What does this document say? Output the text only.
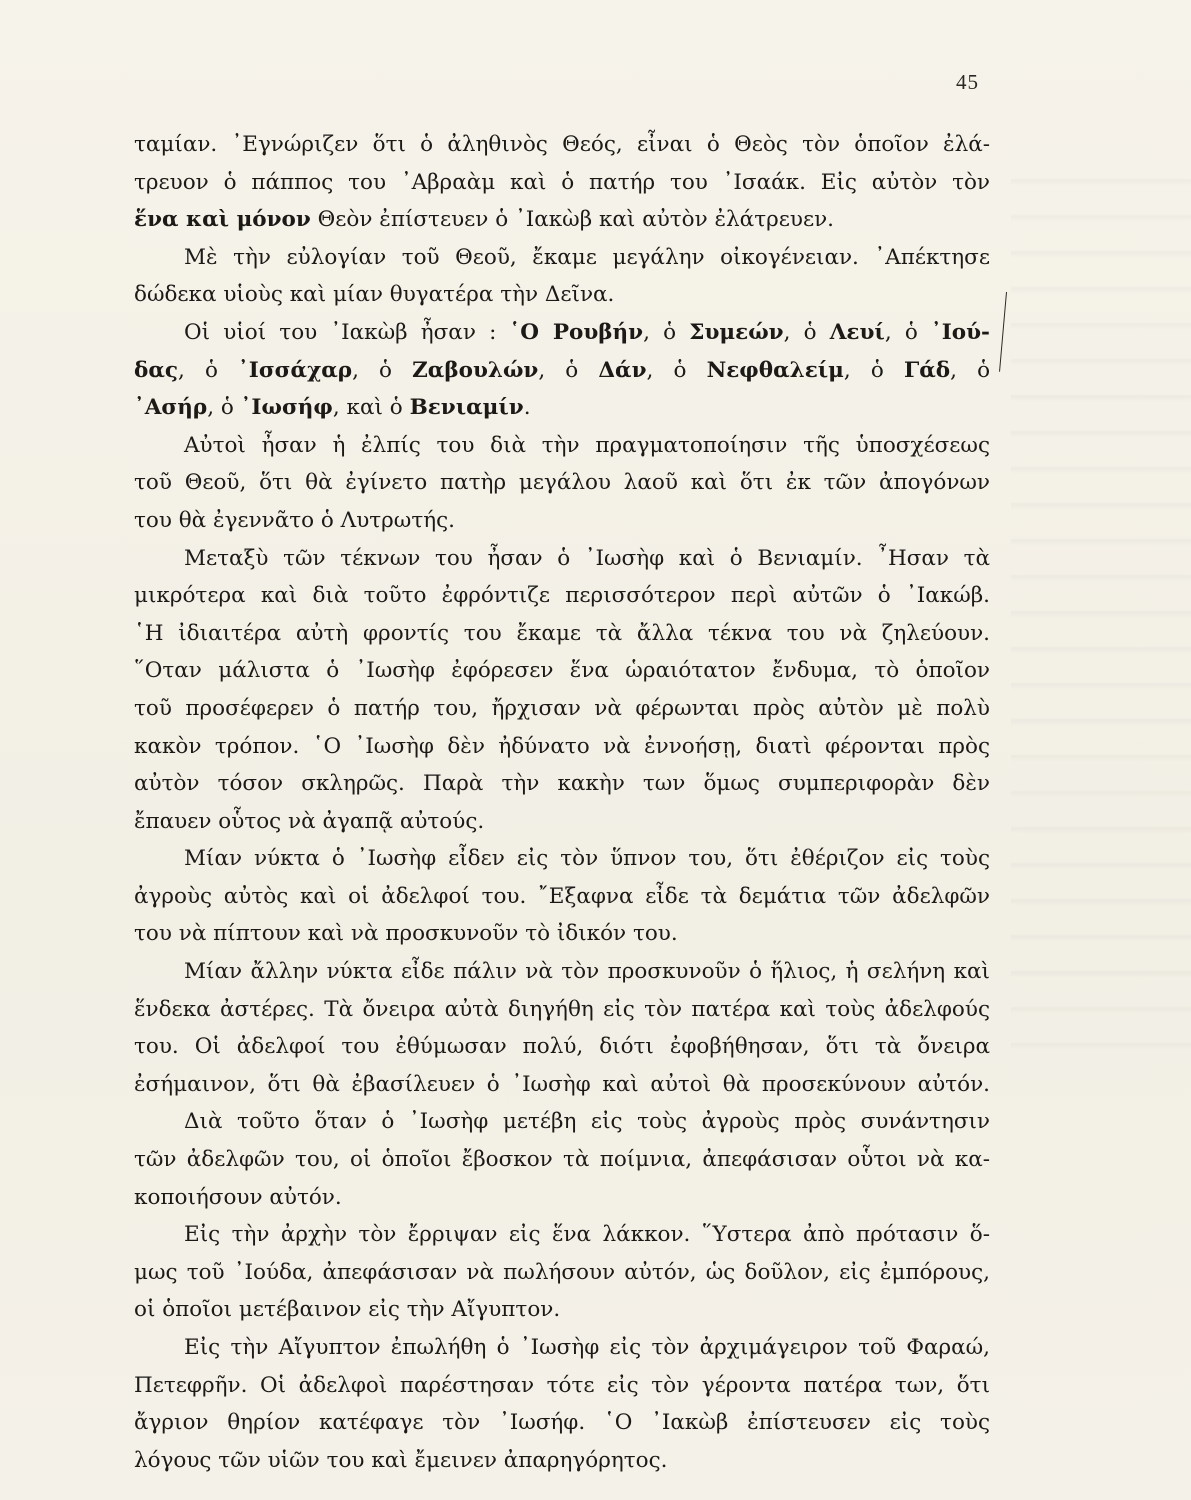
45
ταμίαν. ᾿Εγνώριζεν ὅτι ὁ ἀληθινὸς Θεός, εἶναι ὁ Θεὸς τὸν ὁποῖον ἐλά-
τρευον ὁ πάππος του ᾿Αβραὰμ καὶ ὁ πατήρ του ᾿Ισαάκ. Εἰς αὐτὸν τὸν
ἕνα καὶ μόνον Θεὸν ἐπίστευεν ὁ ᾿Ιακὼβ καὶ αὐτὸν ἐλάτρευεν.
Μὲ τὴν εὐλογίαν τοῦ Θεοῦ, ἔκαμε μεγάλην οἰκογένειαν. ᾿Απέκτησε
δώδεκα υἱοὺς καὶ μίαν θυγατέρα τὴν Δεῖνα.
Οἱ υἱοί του ᾿Ιακὼβ ἦσαν : ῾Ο Ρουβήν, ὁ Συμεών, ὁ Λευί, ὁ ᾿Ιού-
δας, ὁ ᾿Ισσάχαρ, ὁ Ζαβουλών, ὁ Δάν, ὁ Νεφθαλείμ, ὁ Γάδ, ὁ
᾿Ασήρ, ὁ ᾿Ιωσήφ, καὶ ὁ Βενιαμίν.
Αὐτοὶ ἦσαν ἡ ἐλπίς του διὰ τὴν πραγματοποίησιν τῆς ὑποσχέσεως
τοῦ Θεοῦ, ὅτι θὰ ἐγίνετο πατὴρ μεγάλου λαοῦ καὶ ὅτι ἐκ τῶν ἀπογόνων
του θὰ ἐγεννᾶτο ὁ Λυτρωτής.
Μεταξὺ τῶν τέκνων του ἦσαν ὁ ᾿Ιωσὴφ καὶ ὁ Βενιαμίν. ῏Ησαν τὰ
μικρότερα καὶ διὰ τοῦτο ἐφρόντιζε περισσότερον περὶ αὐτῶν ὁ ᾿Ιακώβ.
῾Η ἰδιαιτέρα αὐτὴ φροντίς του ἔκαμε τὰ ἄλλα τέκνα του νὰ ζηλεύουν.
῞Οταν μάλιστα ὁ ᾿Ιωσὴφ ἐφόρεσεν ἕνα ὡραιότατον ἔνδυμα, τὸ ὁποῖον
τοῦ προσέφερεν ὁ πατήρ του, ἤρχισαν νὰ φέρωνται πρὸς αὐτὸν μὲ πολὺ
κακὸν τρόπον. ῾Ο ᾿Ιωσὴφ δὲν ἠδύνατο νὰ ἐννοήσῃ, διατὶ φέρονται πρὸς
αὐτὸν τόσον σκληρῶς. Παρὰ τὴν κακὴν των ὅμως συμπεριφορὰν δὲν
ἔπαυεν οὗτος νὰ ἀγαπᾷ αὐτούς.
Μίαν νύκτα ὁ ᾿Ιωσὴφ εἶδεν εἰς τὸν ὕπνον του, ὅτι ἐθέριζον εἰς τοὺς
ἀγροὺς αὐτὸς καὶ οἱ ἀδελφοί του. ῎Εξαφνα εἶδε τὰ δεμάτια τῶν ἀδελφῶν
του νὰ πίπτουν καὶ νὰ προσκυνοῦν τὸ ἰδικόν του.
Μίαν ἄλλην νύκτα εἶδε πάλιν νὰ τὸν προσκυνοῦν ὁ ἥλιος, ἡ σελήνη καὶ
ἕνδεκα ἀστέρες. Τὰ ὄνειρα αὐτὰ διηγήθη εἰς τὸν πατέρα καὶ τοὺς ἀδελφούς
του. Οἱ ἀδελφοί του ἐθύμωσαν πολύ, διότι ἐφοβήθησαν, ὅτι τὰ ὄνειρα
ἐσήμαινον, ὅτι θὰ ἐβασίλευεν ὁ ᾿Ιωσὴφ καὶ αὐτοὶ θὰ προσεκύνουν αὐτόν.
Διὰ τοῦτο ὅταν ὁ ᾿Ιωσὴφ μετέβη εἰς τοὺς ἀγροὺς πρὸς συνάντησιν
τῶν ἀδελφῶν του, οἱ ὁποῖοι ἔβοσκον τὰ ποίμνια, ἀπεφάσισαν οὗτοι νὰ κα-
κοποιήσουν αὐτόν.
Εἰς τὴν ἀρχὴν τὸν ἔρριψαν εἰς ἕνα λάκκον. ῞Υστερα ἀπὸ πρότασιν ὅ-
μως τοῦ ᾿Ιούδα, ἀπεφάσισαν νὰ πωλήσουν αὐτόν, ὡς δοῦλον, εἰς ἐμπόρους,
οἱ ὁποῖοι μετέβαινον εἰς τὴν Αἴγυπτον.
Εἰς τὴν Αἴγυπτον ἐπωλήθη ὁ ᾿Ιωσὴφ εἰς τὸν ἀρχιμάγειρον τοῦ Φαραώ,
Πετεφρῆν. Οἱ ἀδελφοὶ παρέστησαν τότε εἰς τὸν γέροντα πατέρα των, ὅτι
ἄγριον θηρίον κατέφαγε τὸν ᾿Ιωσήφ. ῾Ο ᾿Ιακὼβ ἐπίστευσεν εἰς τοὺς
λόγους τῶν υἱῶν του καὶ ἔμεινεν ἀπαρηγόρητος.
